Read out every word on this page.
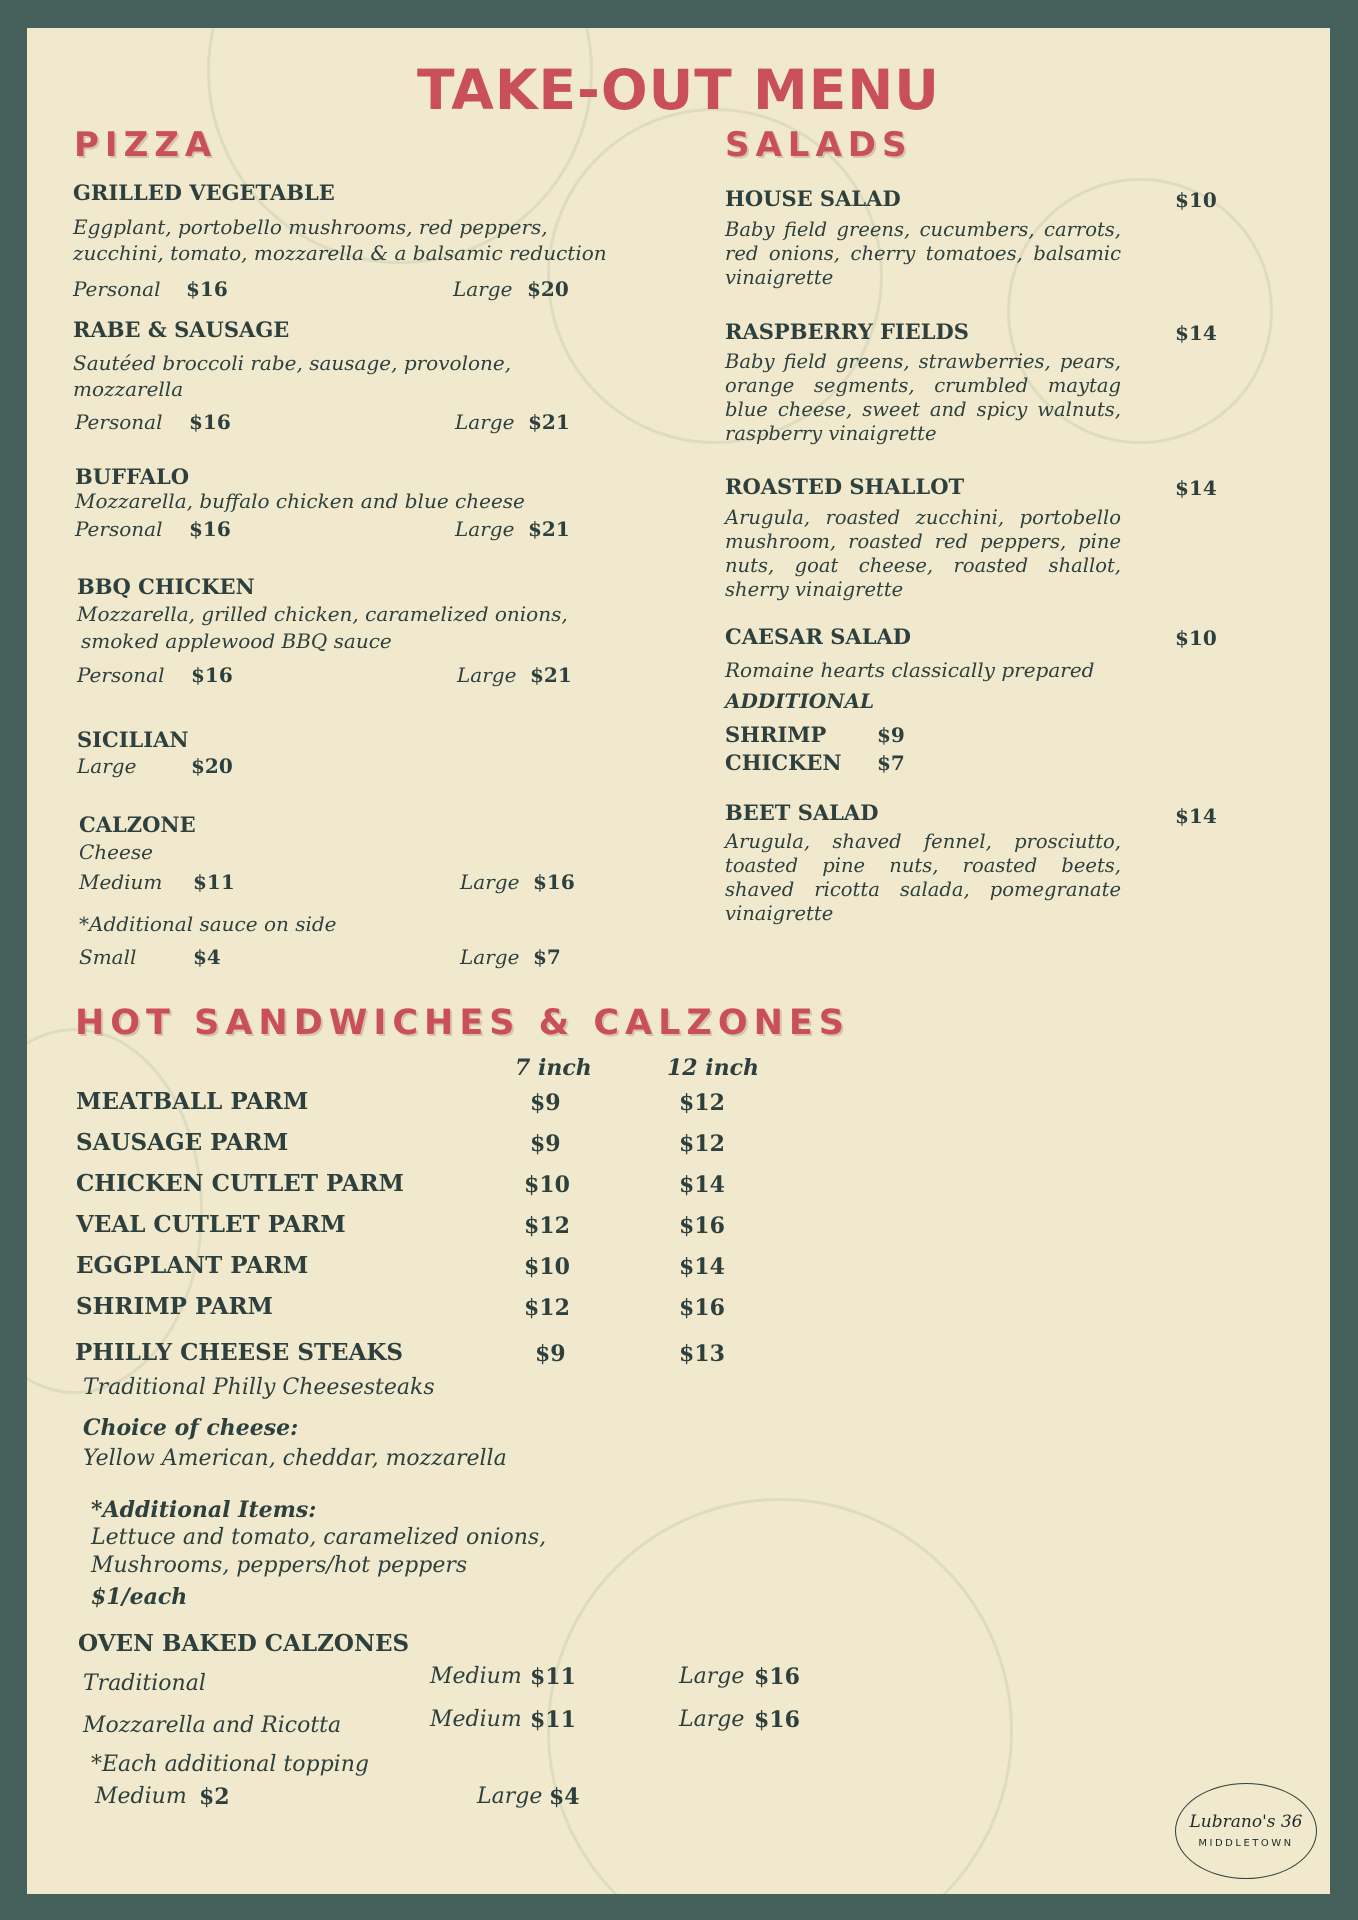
TAKE-OUT MENU
PIZZA
GRILLED VEGETABLE
Eggplant, portobello mushrooms, red peppers,
zucchini, tomato, mozzarella & a balsamic reduction
Personal $16	Large $20
RABE & SAUSAGE
Sautéed broccoli rabe, sausage, provolone,
mozzarella
Personal $16	Large $21
BUFFALO
Mozzarella, buffalo chicken and blue cheese
Personal $16	Large $21
BBQ CHICKEN
Mozzarella, grilled chicken, caramelized onions,
smoked applewood BBQ sauce
Personal $16	Large $21
SICILIAN
Large	$20
CALZONE
Cheese
Medium $11	Large $16
*Additional sauce on side
Small	$4	Large $7
SALADS
HOUSE SALAD	$10
Baby field greens, cucumbers, carrots, red onions, cherry tomatoes, balsamic vinaigrette
RASPBERRY FIELDS	$14
Baby field greens, strawberries, pears, orange segments, crumbled maytag blue cheese, sweet and spicy walnuts, raspberry vinaigrette
ROASTED SHALLOT	$14
Arugula, roasted zucchini, portobello mushroom, roasted red peppers, pine nuts, goat cheese, roasted shallot, sherry vinaigrette
CAESAR SALAD	$10
Romaine hearts classically prepared
ADDITIONAL
SHRIMP	$9
CHICKEN $7
BEET SALAD	$14
Arugula, shaved fennel, prosciutto, toasted pine nuts, roasted beets, shaved ricotta salada, pomegranate vinaigrette
HOT SANDWICHES & CALZONES
7 inch	12 inch
MEATBALL PARM	$9	$12
SAUSAGE PARM	$9	$12
CHICKEN CUTLET PARM	$10	$14
VEAL CUTLET PARM	$12	$16
EGGPLANT PARM	$10	$14
SHRIMP PARM	$12	$16
PHILLY CHEESE STEAKS	$9	$13
Traditional Philly Cheesesteaks
Choice of cheese:
Yellow American, cheddar, mozzarella
*Additional Items:
Lettuce and tomato, caramelized onions,
Mushrooms, peppers/hot peppers
$1/each
OVEN BAKED CALZONES
Traditional	Medium $11	Large $16
Mozzarella and Ricotta	Medium $11	Large $16
*Each additional topping
Medium $2	Large $4
Lubrano's 36
MIDDLETOWN
